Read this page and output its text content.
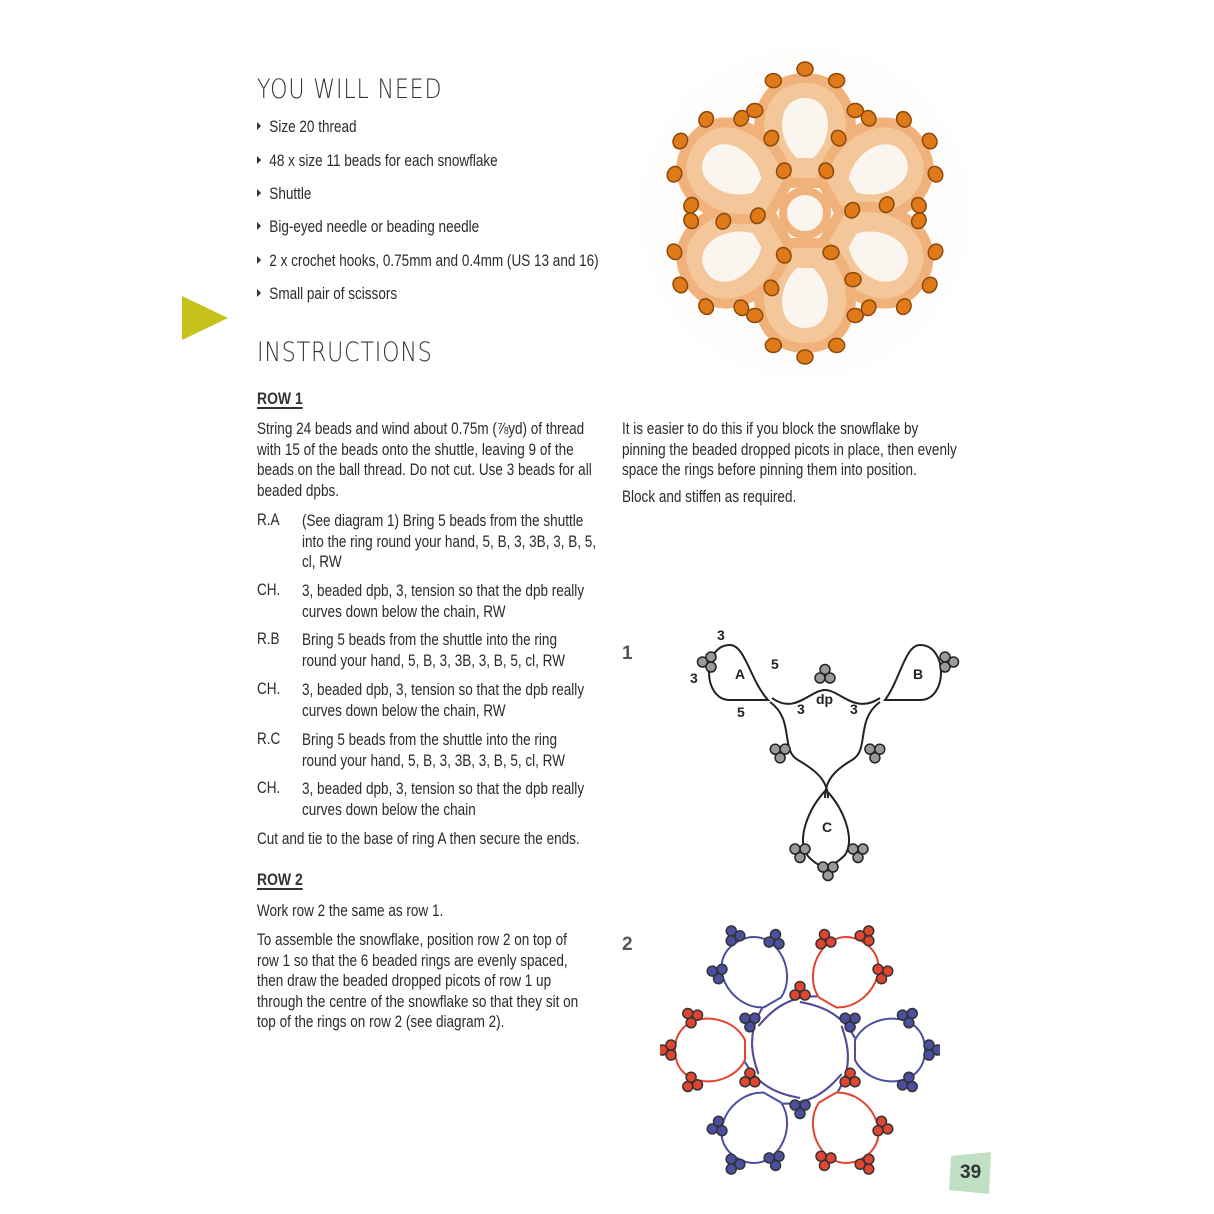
YOU WILL NEED
Size 20 thread
48 x size 11 beads for each snowflake
Shuttle
Big-eyed needle or beading needle
2 x crochet hooks, 0.75mm and 0.4mm (US 13 and 16)
Small pair of scissors
INSTRUCTIONS
ROW 1
String 24 beads and wind about 0.75m (⅞yd) of thread
with 15 of the beads onto the shuttle, leaving 9 of the
beads on the ball thread. Do not cut. Use 3 beads for all
beaded dpbs.
R.A (See diagram 1) Bring 5 beads from the shuttle
into the ring round your hand, 5, B, 3, 3B, 3, B, 5,
cl, RW
CH. 3, beaded dpb, 3, tension so that the dpb really
curves down below the chain, RW
R.B Bring 5 beads from the shuttle into the ring
round your hand, 5, B, 3, 3B, 3, B, 5, cl, RW
CH. 3, beaded dpb, 3, tension so that the dpb really
curves down below the chain, RW
R.C Bring 5 beads from the shuttle into the ring
round your hand, 5, B, 3, 3B, 3, B, 5, cl, RW
CH. 3, beaded dpb, 3, tension so that the dpb really
curves down below the chain
Cut and tie to the base of ring A then secure the ends.
ROW 2
Work row 2 the same as row 1.
To assemble the snowflake, position row 2 on top of
row 1 so that the 6 beaded rings are evenly spaced,
then draw the beaded dropped picots of row 1 up
through the centre of the snowflake so that they sit on
top of the rings on row 2 (see diagram 2).
It is easier to do this if you block the snowflake by
pinning the beaded dropped picots in place, then evenly
space the rings before pinning them into position.
Block and stiffen as required.
1
A	B
C
dp
3
3
5
5	3	3
2
39
